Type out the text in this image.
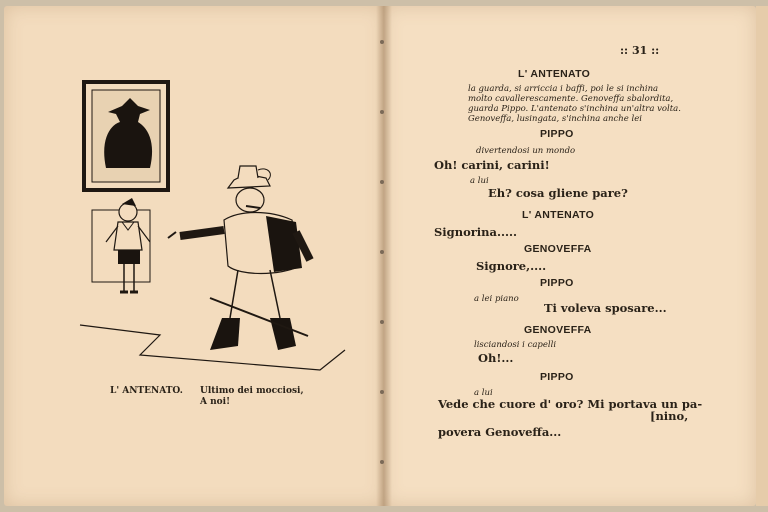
L' ANTENATO. Ultimo dei mocciosi,
A noi!
:: 31 ::
L' ANTENATO
la guarda, si arriccia i baffi, poi le si inchina
molto cavallerescamente. Genoveffa sbalordita,
guarda Pippo. L'antenato s'inchina un'altra volta.
Genoveffa, lusingata, s'inchina anche lei
PIPPO
divertendosi un mondo
Oh! carini, carini!
a lui
Eh? cosa gliene pare?
L' ANTENATO
Signorina.....
GENOVEFFA
Signore,....
PIPPO
a lei piano
Ti voleva sposare...
GENOVEFFA
lisciandosi i capelli
Oh!...
PIPPO
a lui
Vede che cuore d' oro? Mi portava un pa-
[nino,
povera Genoveffa...
